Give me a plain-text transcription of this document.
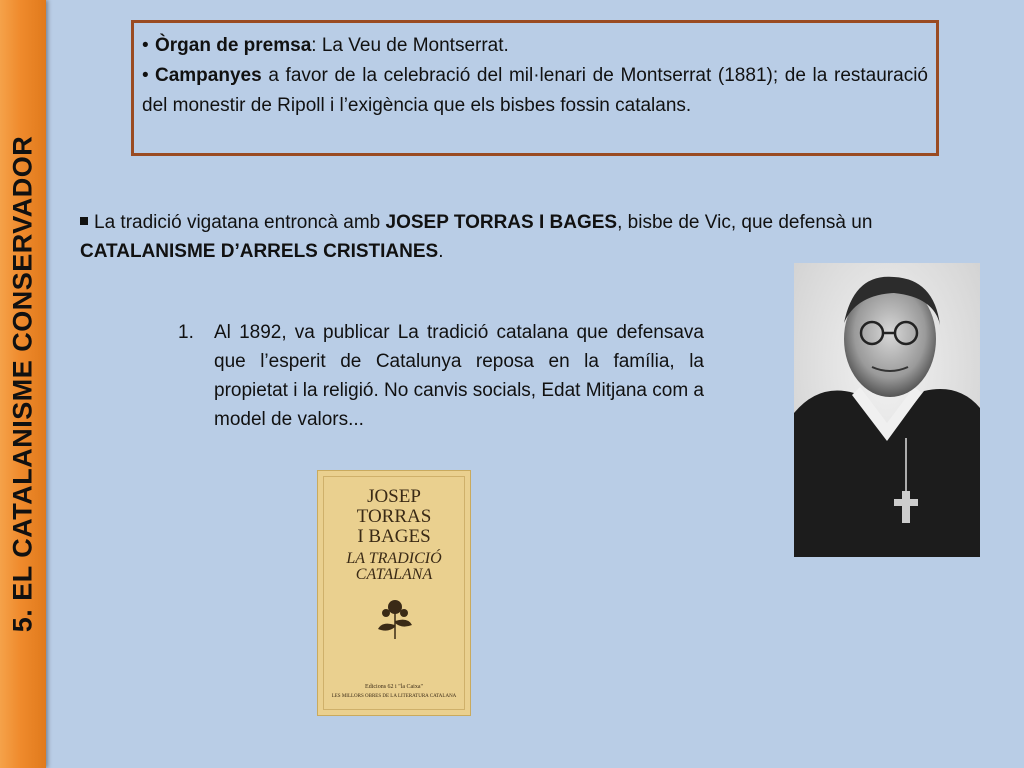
5. EL CATALANISME CONSERVADOR

• Òrgan de premsa: La Veu de Montserrat.

• Campanyes a favor de la celebració del mil·lenari de Montserrat (1881); de la restauració del monestir de Ripoll i l’exigència que els bisbes fossin catalans.

La tradició vigatana entroncà amb JOSEP TORRAS I BAGES, bisbe de Vic, que defensà un CATALANISME D’ARRELS CRISTIANES.
1. Al 1892, va publicar La tradició catalana que defensava que l’esperit de Catalunya reposa en la família, la propietat i la religió. No canvis socials, Edat Mitjana com a model de valors...
JOSEP
TORRAS
I BAGES
LA TRADICIÓ
CATALANA
Edicions 62 i "la Caixa"
LES MILLORS OBRES DE LA LITERATURA CATALANA
